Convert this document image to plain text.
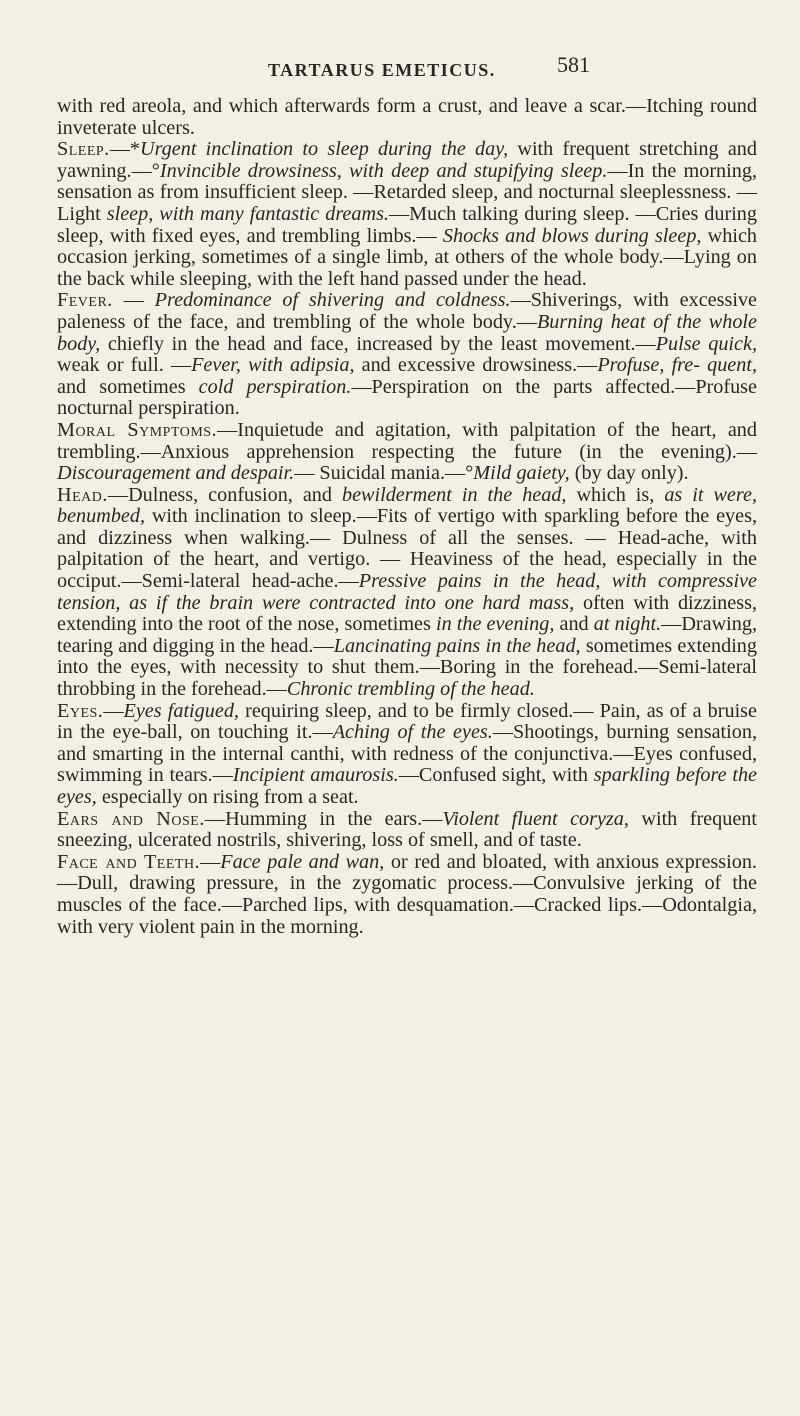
TARTARUS EMETICUS.	581

with red areola, and which afterwards form a crust, and leave a scar.—Itching round inveterate ulcers.

Sleep.—*Urgent inclination to sleep during the day, with frequent stretching and yawning.—°Invincible drowsiness, with deep and stupifying sleep.—In the morning, sensation as from insufficient sleep. —Retarded sleep, and nocturnal sleeplessness. —Light sleep, with many fantastic dreams.—Much talking during sleep. —Cries during sleep, with fixed eyes, and trembling limbs.— Shocks and blows during sleep, which occasion jerking, sometimes of a single limb, at others of the whole body.—Lying on the back while sleeping, with the left hand passed under the head.

Fever. — Predominance of shivering and coldness.—Shiverings, with excessive paleness of the face, and trembling of the whole body.—Burning heat of the whole body, chiefly in the head and face, increased by the least movement.—Pulse quick, weak or full. —Fever, with adipsia, and excessive drowsiness.—Profuse, fre- quent, and sometimes cold perspiration.—Perspiration on the parts affected.—Profuse nocturnal perspiration.

Moral Symptoms.—Inquietude and agitation, with palpitation of the heart, and trembling.—Anxious apprehension respecting the future (in the evening).—Discouragement and despair.— Suicidal mania.—°Mild gaiety, (by day only).

Head.—Dulness, confusion, and bewilderment in the head, which is, as it were, benumbed, with inclination to sleep.—Fits of vertigo with sparkling before the eyes, and dizziness when walking.— Dulness of all the senses. — Head-ache, with palpitation of the heart, and vertigo. — Heaviness of the head, especially in the occiput.—Semi-lateral head-ache.—Pressive pains in the head, with compressive tension, as if the brain were contracted into one hard mass, often with dizziness, extending into the root of the nose, sometimes in the evening, and at night.—Drawing, tearing and digging in the head.—Lancinating pains in the head, sometimes extending into the eyes, with necessity to shut them.—Boring in the forehead.—Semi-lateral throbbing in the forehead.—Chronic trembling of the head.

Eyes.—Eyes fatigued, requiring sleep, and to be firmly closed.— Pain, as of a bruise in the eye-ball, on touching it.—Aching of the eyes.—Shootings, burning sensation, and smarting in the internal canthi, with redness of the conjunctiva.—Eyes confused, swimming in tears.—Incipient amaurosis.—Confused sight, with sparkling before the eyes, especially on rising from a seat.

Ears and Nose.—Humming in the ears.—Violent fluent coryza, with frequent sneezing, ulcerated nostrils, shivering, loss of smell, and of taste.

Face and Teeth.—Face pale and wan, or red and bloated, with anxious expression.—Dull, drawing pressure, in the zygomatic process.—Convulsive jerking of the muscles of the face.—Parched lips, with desquamation.—Cracked lips.—Odontalgia, with very violent pain in the morning.
